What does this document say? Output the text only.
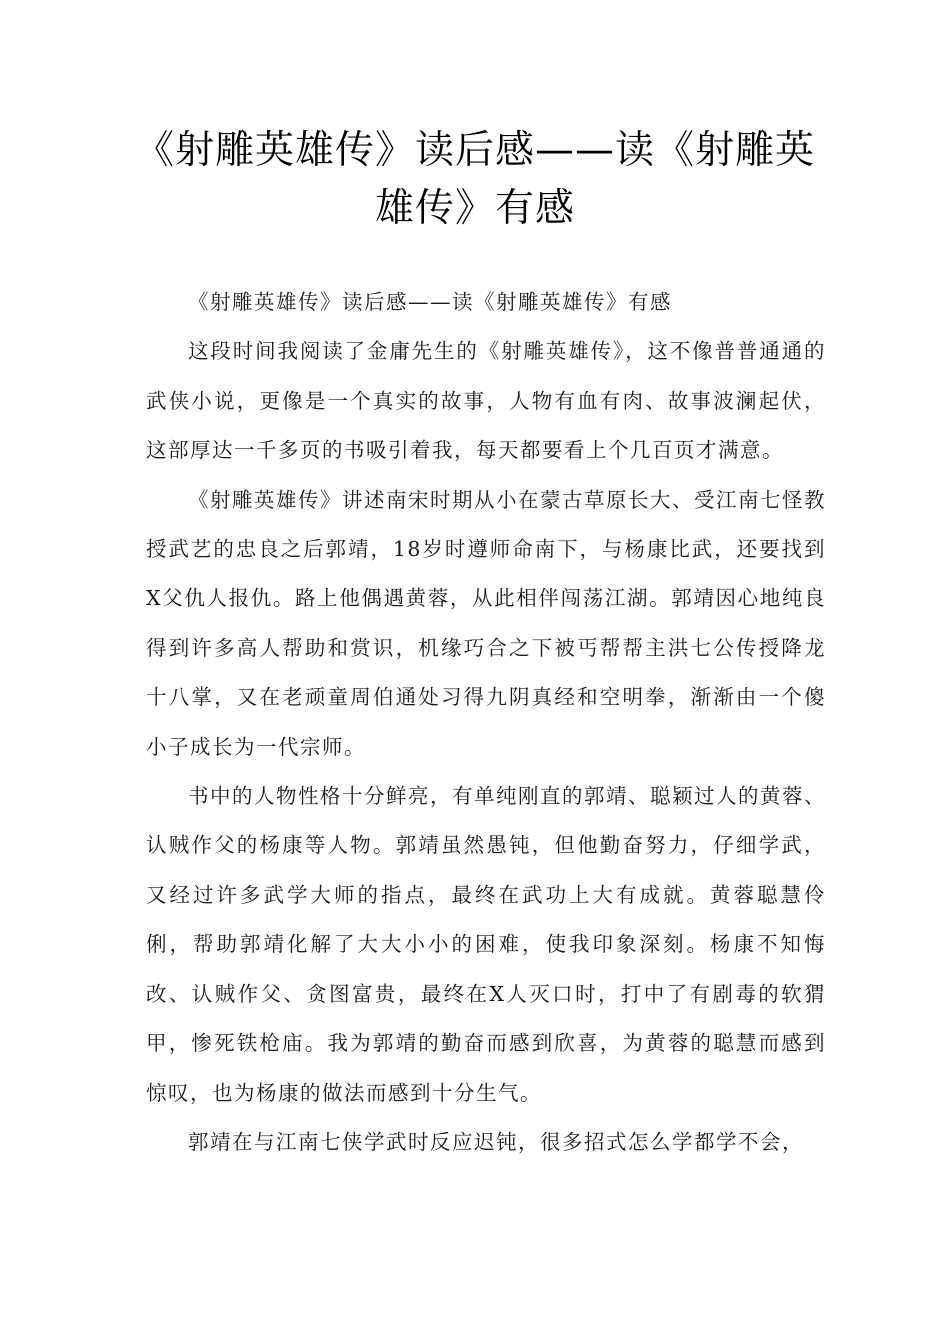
《射雕英雄传》读后感——读《射雕英
雄传》有感

《射雕英雄传》读后感——读《射雕英雄传》有感

这段时间我阅读了金庸先生的《射雕英雄传》，这不像普普通通的武侠小说，更像是一个真实的故事，人物有血有肉、故事波澜起伏，这部厚达一千多页的书吸引着我，每天都要看上个几百页才满意。

《射雕英雄传》讲述南宋时期从小在蒙古草原长大、受江南七怪教授武艺的忠良之后郭靖，18岁时遵师命南下，与杨康比武，还要找到X父仇人报仇。路上他偶遇黄蓉，从此相伴闯荡江湖。郭靖因心地纯良得到许多高人帮助和赏识，机缘巧合之下被丐帮帮主洪七公传授降龙十八掌，又在老顽童周伯通处习得九阴真经和空明拳，渐渐由一个傻小子成长为一代宗师。

书中的人物性格十分鲜亮，有单纯刚直的郭靖、聪颖过人的黄蓉、认贼作父的杨康等人物。郭靖虽然愚钝，但他勤奋努力，仔细学武，又经过许多武学大师的指点，最终在武功上大有成就。黄蓉聪慧伶俐，帮助郭靖化解了大大小小的困难，使我印象深刻。杨康不知悔改、认贼作父、贪图富贵，最终在X人灭口时，打中了有剧毒的软猬甲，惨死铁枪庙。我为郭靖的勤奋而感到欣喜，为黄蓉的聪慧而感到惊叹，也为杨康的做法而感到十分生气。

郭靖在与江南七侠学武时反应迟钝，很多招式怎么学都学不会，
